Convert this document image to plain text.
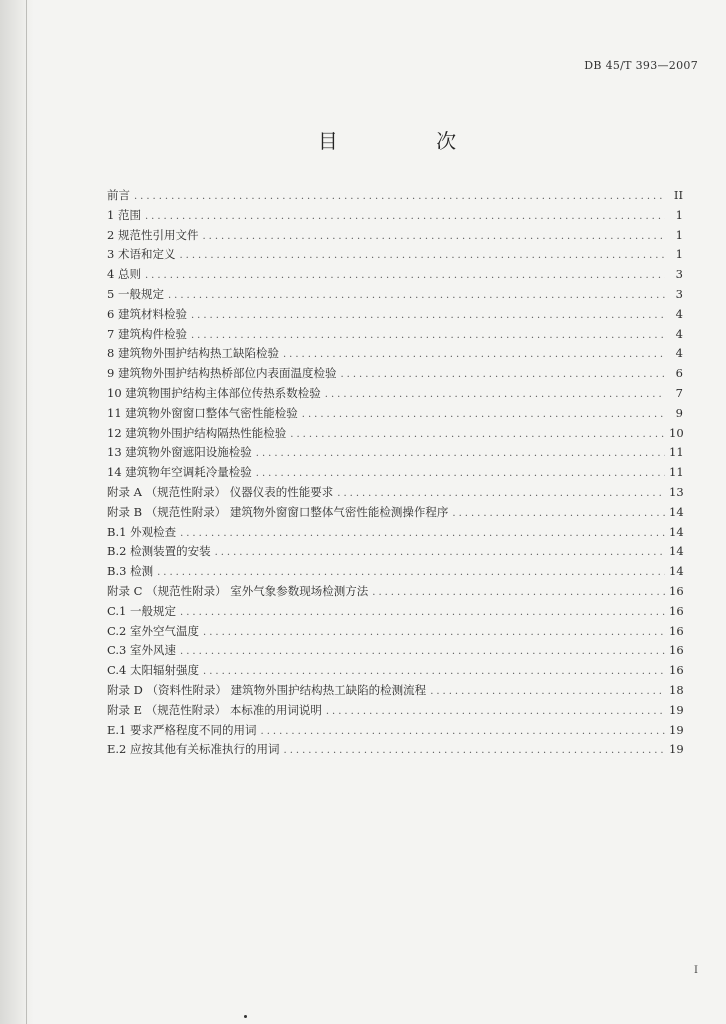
DB 45/T 393—2007
目 次
前言 .....	II
1 范围 .....	1
2 规范性引用文件 .....	1
3 术语和定义 .....	1
4 总则 .....	3
5 一般规定 .....	3
6 建筑材料检验 .....	4
7 建筑构件检验 .....	4
8 建筑物外围护结构热工缺陷检验 .....	4
9 建筑物外围护结构热桥部位内表面温度检验 .....	6
10 建筑物围护结构主体部位传热系数检验 .....	7
11 建筑物外窗窗口整体气密性能检验 .....	9
12 建筑物外围护结构隔热性能检验 .....	10
13 建筑物外窗遮阳设施检验 .....	11
14 建筑物年空调耗冷量检验 .....	11
附录 A （规范性附录） 仪器仪表的性能要求 .....	13
附录 B （规范性附录） 建筑物外窗窗口整体气密性能检测操作程序 .....	14
B.1 外观检查 .....	14
B.2 检测装置的安装 .....	14
B.3 检测 .....	14
附录 C （规范性附录） 室外气象参数现场检测方法 .....	16
C.1 一般规定 .....	16
C.2 室外空气温度 .....	16
C.3 室外风速 .....	16
C.4 太阳辐射强度 .....	16
附录 D （资料性附录） 建筑物外围护结构热工缺陷的检测流程 .....	18
附录 E （规范性附录） 本标准的用词说明 .....	19
E.1 要求严格程度不同的用词 .....	19
E.2 应按其他有关标准执行的用词 .....	19
I
